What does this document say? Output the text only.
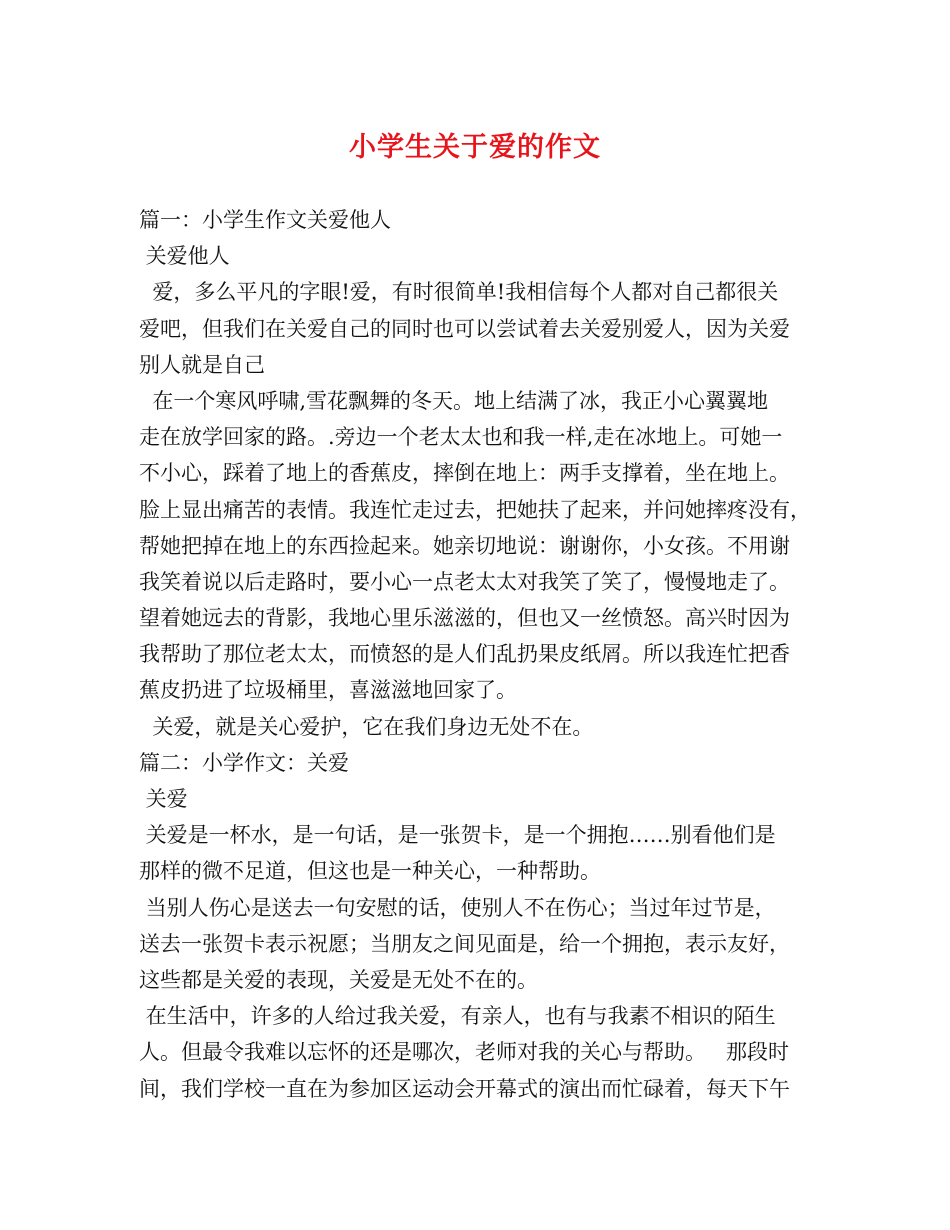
小学生关于爱的作文
篇一：小学生作文关爱他人
关爱他人
爱，多么平凡的字眼!爱，有时很简单!我相信每个人都对自己都很关
爱吧，但我们在关爱自己的同时也可以尝试着去关爱别爱人，因为关爱
别人就是自己
在一个寒风呼啸,雪花飘舞的冬天。地上结满了冰，我正小心翼翼地
走在放学回家的路。.旁边一个老太太也和我一样,走在冰地上。可她一
不小心，踩着了地上的香蕉皮，摔倒在地上：两手支撑着，坐在地上。
脸上显出痛苦的表情。我连忙走过去，把她扶了起来，并问她摔疼没有，
帮她把掉在地上的东西捡起来。她亲切地说：谢谢你，小女孩。不用谢
我笑着说以后走路时，要小心一点老太太对我笑了笑了，慢慢地走了。
望着她远去的背影，我地心里乐滋滋的，但也又一丝愤怒。高兴时因为
我帮助了那位老太太，而愤怒的是人们乱扔果皮纸屑。所以我连忙把香
蕉皮扔进了垃圾桶里，喜滋滋地回家了。
关爱，就是关心爱护，它在我们身边无处不在。
篇二：小学作文：关爱
关爱
关爱是一杯水，是一句话，是一张贺卡，是一个拥抱……别看他们是
那样的微不足道，但这也是一种关心，一种帮助。
当别人伤心是送去一句安慰的话，使别人不在伤心；当过年过节是，
送去一张贺卡表示祝愿；当朋友之间见面是，给一个拥抱，表示友好，
这些都是关爱的表现，关爱是无处不在的。
在生活中，许多的人给过我关爱，有亲人，也有与我素不相识的陌生
人。但最令我难以忘怀的还是哪次，老师对我的关心与帮助。   那段时
间，我们学校一直在为参加区运动会开幕式的演出而忙碌着，每天下午
